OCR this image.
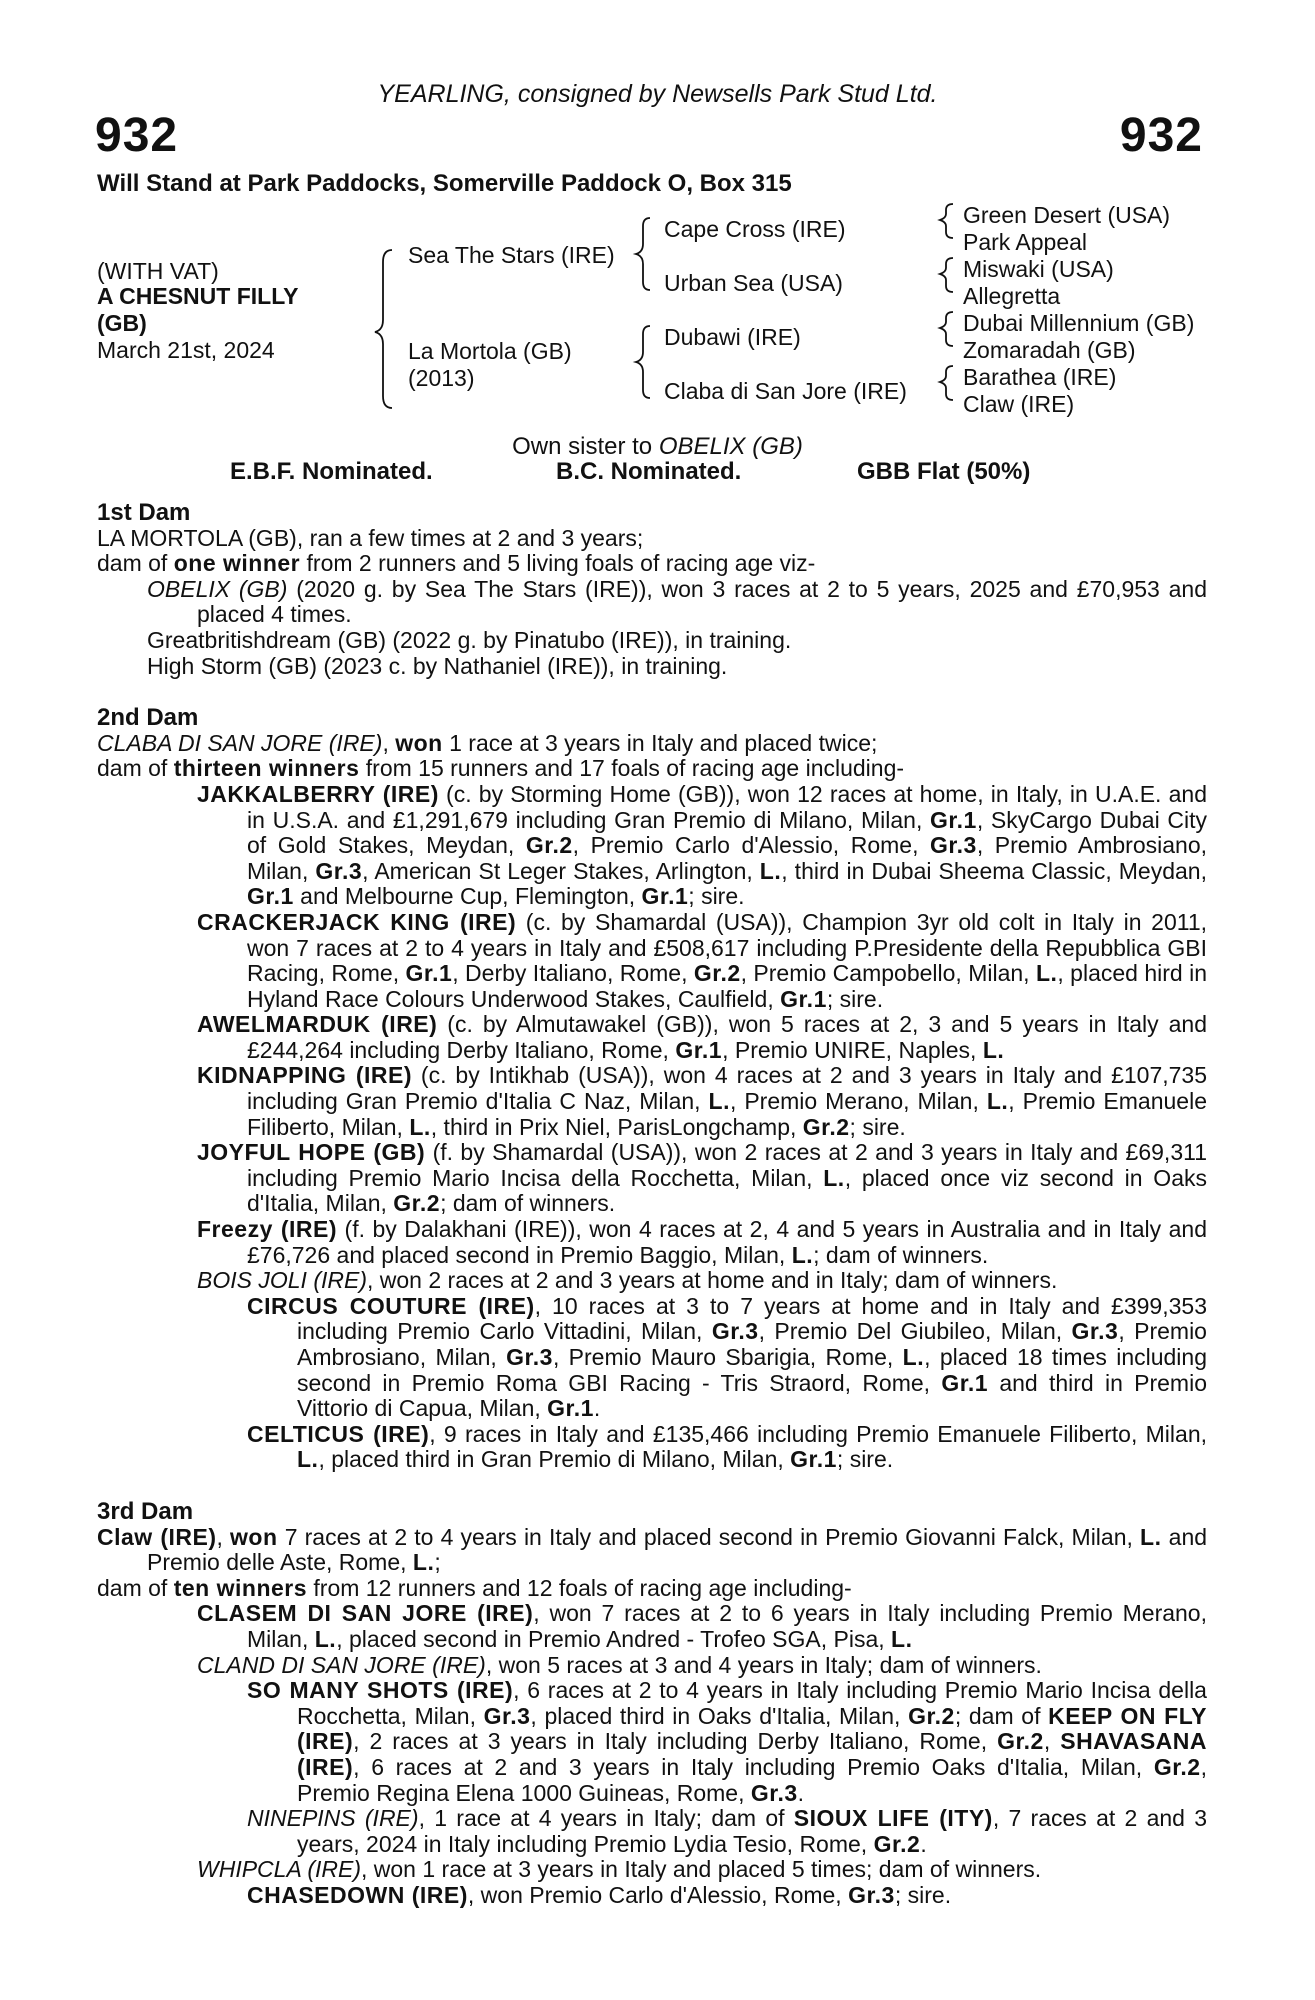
YEARLING, consigned by Newsells Park Stud Ltd.
932	932
Will Stand at Park Paddocks, Somerville Paddock O, Box 315
(WITH VAT)
A CHESNUT FILLY
(GB)
March 21st, 2024
Sea The Stars (IRE)
La Mortola (GB)
(2013)
Cape Cross (IRE)
Urban Sea (USA)
Dubawi (IRE)
Claba di San Jore (IRE)
Green Desert (USA)
Park Appeal
Miswaki (USA)
Allegretta
Dubai Millennium (GB)
Zomaradah (GB)
Barathea (IRE)
Claw (IRE)
Own sister to OBELIX (GB)
E.B.F. Nominated.	B.C. Nominated.	GBB Flat (50%)

1st Dam

LA MORTOLA (GB), ran a few times at 2 and 3 years;

dam of one winner from 2 runners and 5 living foals of racing age viz-

OBELIX (GB) (2020 g. by Sea The Stars (IRE)), won 3 races at 2 to 5 years, 2025 and £70,953 and placed 4 times.

Greatbritishdream (GB) (2022 g. by Pinatubo (IRE)), in training.

High Storm (GB) (2023 c. by Nathaniel (IRE)), in training.

2nd Dam

CLABA DI SAN JORE (IRE), won 1 race at 3 years in Italy and placed twice;

dam of thirteen winners from 15 runners and 17 foals of racing age including-

JAKKALBERRY (IRE) (c. by Storming Home (GB)), won 12 races at home, in Italy, in U.A.E. and in U.S.A. and £1,291,679 including Gran Premio di Milano, Milan, Gr.1, SkyCargo Dubai City of Gold Stakes, Meydan, Gr.2, Premio Carlo d'Alessio, Rome, Gr.3, Premio Ambrosiano, Milan, Gr.3, American St Leger Stakes, Arlington, L., third in Dubai Sheema Classic, Meydan, Gr.1 and Melbourne Cup, Flemington, Gr.1; sire.

CRACKERJACK KING (IRE) (c. by Shamardal (USA)), Champion 3yr old colt in Italy in 2011, won 7 races at 2 to 4 years in Italy and £508,617 including P.Presidente della Repubblica GBI Racing, Rome, Gr.1, Derby Italiano, Rome, Gr.2, Premio Campobello, Milan, L., placed hird in Hyland Race Colours Underwood Stakes, Caulfield, Gr.1; sire.

AWELMARDUK (IRE) (c. by Almutawakel (GB)), won 5 races at 2, 3 and 5 years in Italy and £244,264 including Derby Italiano, Rome, Gr.1, Premio UNIRE, Naples, L.

KIDNAPPING (IRE) (c. by Intikhab (USA)), won 4 races at 2 and 3 years in Italy and £107,735 including Gran Premio d'Italia C Naz, Milan, L., Premio Merano, Milan, L., Premio Emanuele Filiberto, Milan, L., third in Prix Niel, ParisLongchamp, Gr.2; sire.

JOYFUL HOPE (GB) (f. by Shamardal (USA)), won 2 races at 2 and 3 years in Italy and £69,311 including Premio Mario Incisa della Rocchetta, Milan, L., placed once viz second in Oaks d'Italia, Milan, Gr.2; dam of winners.

Freezy (IRE) (f. by Dalakhani (IRE)), won 4 races at 2, 4 and 5 years in Australia and in Italy and £76,726 and placed second in Premio Baggio, Milan, L.; dam of winners.

BOIS JOLI (IRE), won 2 races at 2 and 3 years at home and in Italy; dam of winners.

CIRCUS COUTURE (IRE), 10 races at 3 to 7 years at home and in Italy and £399,353 including Premio Carlo Vittadini, Milan, Gr.3, Premio Del Giubileo, Milan, Gr.3, Premio Ambrosiano, Milan, Gr.3, Premio Mauro Sbarigia, Rome, L., placed 18 times including second in Premio Roma GBI Racing - Tris Straord, Rome, Gr.1 and third in Premio Vittorio di Capua, Milan, Gr.1.

CELTICUS (IRE), 9 races in Italy and £135,466 including Premio Emanuele Filiberto, Milan, L., placed third in Gran Premio di Milano, Milan, Gr.1; sire.

3rd Dam

Claw (IRE), won 7 races at 2 to 4 years in Italy and placed second in Premio Giovanni Falck, Milan, L. and Premio delle Aste, Rome, L.;

dam of ten winners from 12 runners and 12 foals of racing age including-

CLASEM DI SAN JORE (IRE), won 7 races at 2 to 6 years in Italy including Premio Merano, Milan, L., placed second in Premio Andred - Trofeo SGA, Pisa, L.

CLAND DI SAN JORE (IRE), won 5 races at 3 and 4 years in Italy; dam of winners.

SO MANY SHOTS (IRE), 6 races at 2 to 4 years in Italy including Premio Mario Incisa della Rocchetta, Milan, Gr.3, placed third in Oaks d'Italia, Milan, Gr.2; dam of KEEP ON FLY (IRE), 2 races at 3 years in Italy including Derby Italiano, Rome, Gr.2, SHAVASANA (IRE), 6 races at 2 and 3 years in Italy including Premio Oaks d'Italia, Milan, Gr.2, Premio Regina Elena 1000 Guineas, Rome, Gr.3.

NINEPINS (IRE), 1 race at 4 years in Italy; dam of SIOUX LIFE (ITY), 7 races at 2 and 3 years, 2024 in Italy including Premio Lydia Tesio, Rome, Gr.2.

WHIPCLA (IRE), won 1 race at 3 years in Italy and placed 5 times; dam of winners.

CHASEDOWN (IRE), won Premio Carlo d'Alessio, Rome, Gr.3; sire.
